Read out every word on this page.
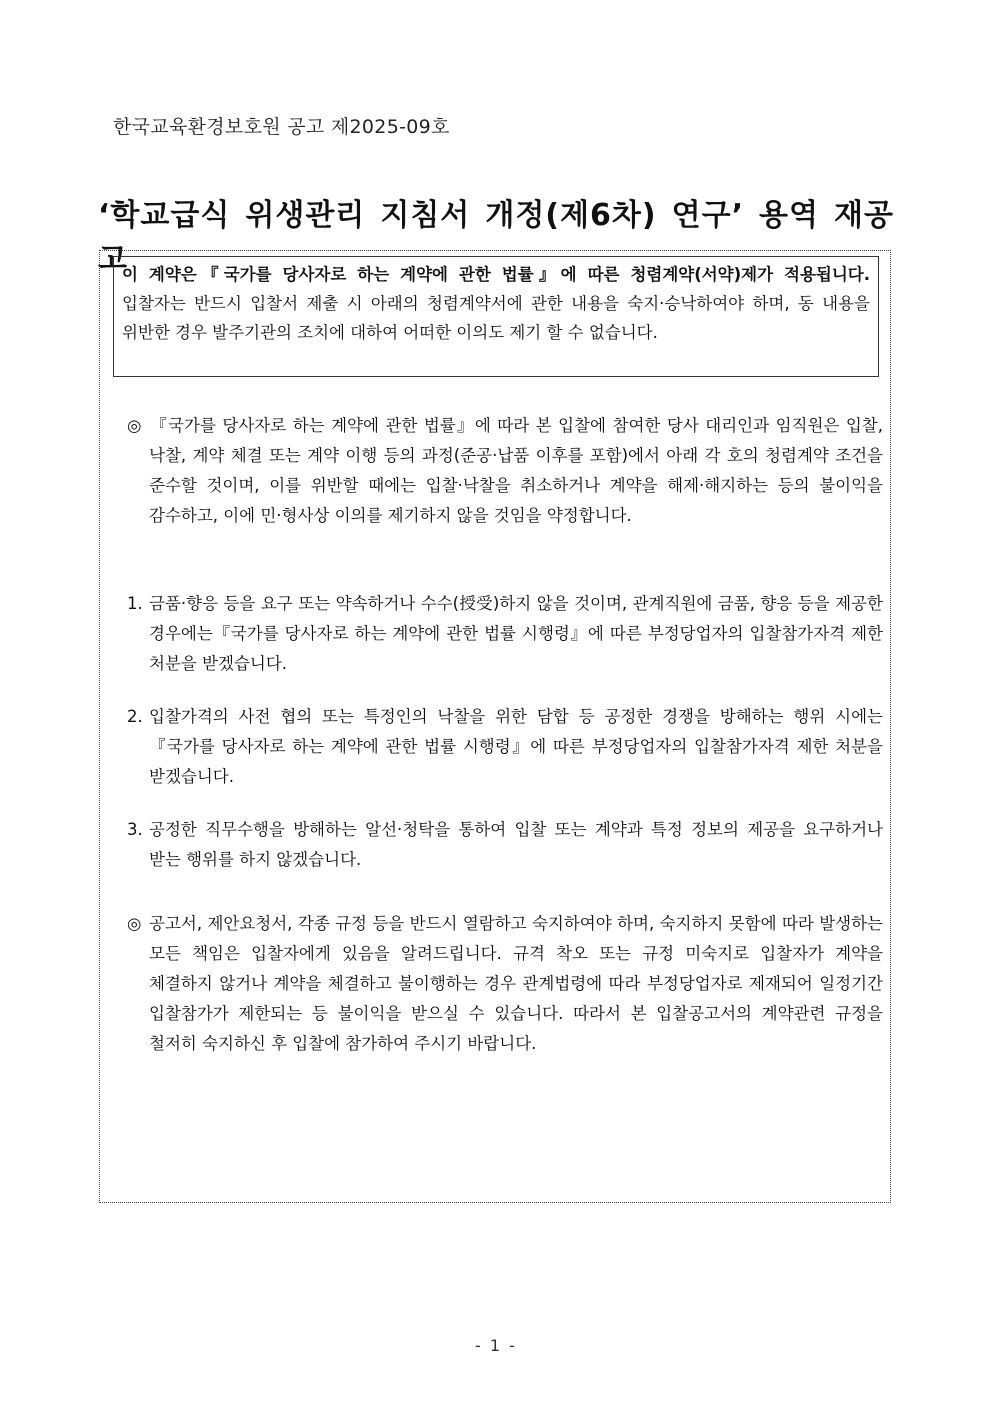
한국교육환경보호원 공고 제2025-09호
‘학교급식 위생관리 지침서 개정(제6차) 연구’ 용역 재공고
이 계약은『국가를 당사자로 하는 계약에 관한 법률』에 따른 청렴계약(서약)제가 적용됩니다. 입찰자는 반드시 입찰서 제출 시 아래의 청렴계약서에 관한 내용을 숙지·승낙하여야 하며, 동 내용을 위반한 경우 발주기관의 조치에 대하여 어떠한 이의도 제기 할 수 없습니다.
◎ 『국가를 당사자로 하는 계약에 관한 법률』에 따라 본 입찰에 참여한 당사 대리인과 임직원은 입찰, 낙찰, 계약 체결 또는 계약 이행 등의 과정(준공·납품 이후를 포함)에서 아래 각 호의 청렴계약 조건을 준수할 것이며, 이를 위반할 때에는 입찰·낙찰을 취소하거나 계약을 해제·해지하는 등의 불이익을 감수하고, 이에 민·형사상 이의를 제기하지 않을 것임을 약정합니다.
1. 금품·향응 등을 요구 또는 약속하거나 수수(授受)하지 않을 것이며, 관계직원에 금품, 향응 등을 제공한 경우에는『국가를 당사자로 하는 계약에 관한 법률 시행령』에 따른 부정당업자의 입찰참가자격 제한 처분을 받겠습니다.
2. 입찰가격의 사전 협의 또는 특정인의 낙찰을 위한 담합 등 공정한 경쟁을 방해하는 행위 시에는『국가를 당사자로 하는 계약에 관한 법률 시행령』에 따른 부정당업자의 입찰참가자격 제한 처분을 받겠습니다.
3. 공정한 직무수행을 방해하는 알선·청탁을 통하여 입찰 또는 계약과 특정 정보의 제공을 요구하거나 받는 행위를 하지 않겠습니다.
◎ 공고서, 제안요청서, 각종 규정 등을 반드시 열람하고 숙지하여야 하며, 숙지하지 못함에 따라 발생하는 모든 책임은 입찰자에게 있음을 알려드립니다. 규격 착오 또는 규정 미숙지로 입찰자가 계약을 체결하지 않거나 계약을 체결하고 불이행하는 경우 관계법령에 따라 부정당업자로 제재되어 일정기간 입찰참가가 제한되는 등 불이익을 받으실 수 있습니다. 따라서 본 입찰공고서의 계약관련 규정을 철저히 숙지하신 후 입찰에 참가하여 주시기 바랍니다.
- 1 -
